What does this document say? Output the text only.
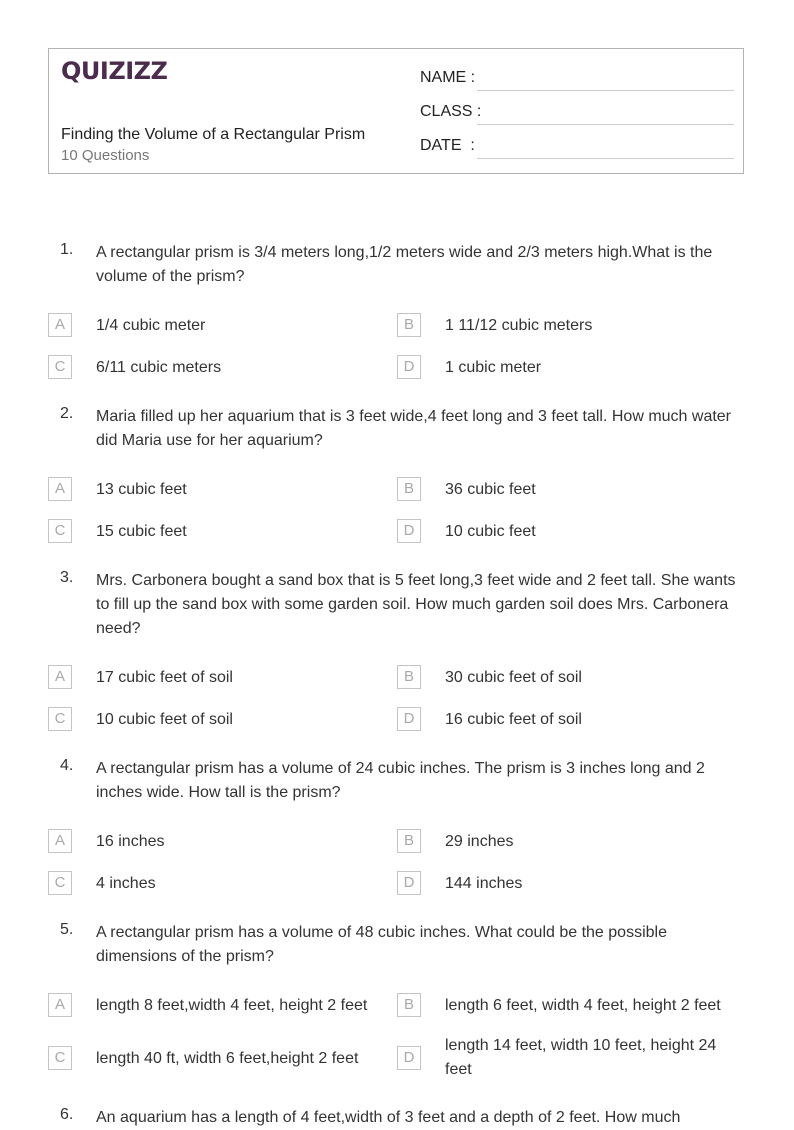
QUIZIZZ
Finding the Volume of a Rectangular Prism
10 Questions
NAME :
CLASS :
DATE  :
1. A rectangular prism is 3/4 meters long,1/2 meters wide and 2/3 meters high.What is the volume of the prism?
A	1/4 cubic meter	B	1 11/12 cubic meters
C	6/11 cubic meters	D	1 cubic meter
2. Maria filled up her aquarium that is 3 feet wide,4 feet long and 3 feet tall. How much water did Maria use for her aquarium?
A	13 cubic feet	B	36 cubic feet
C	15 cubic feet	D	10 cubic feet
3. Mrs. Carbonera bought a sand box that is 5 feet long,3 feet wide and 2 feet tall. She wants to fill up the sand box with some garden soil. How much garden soil does Mrs. Carbonera need?
A	17 cubic feet of soil	B	30 cubic feet of soil
C	10 cubic feet of soil	D	16 cubic feet of soil
4. A rectangular prism has a volume of 24 cubic inches. The prism is 3 inches long and 2 inches wide. How tall is the prism?
A	16 inches	B	29 inches
C	4 inches	D	144 inches
5. A rectangular prism has a volume of 48 cubic inches. What could be the possible dimensions of the prism?
A	length 8 feet,width 4 feet, height 2 feet	B	length 6 feet, width 4 feet, height 2 feet
C	length 40 ft, width 6 feet,height 2 feet	D
length 14 feet, width 10 feet, height 24 feet
6. An aquarium has a length of 4 feet,width of 3 feet and a depth of 2 feet. How much
